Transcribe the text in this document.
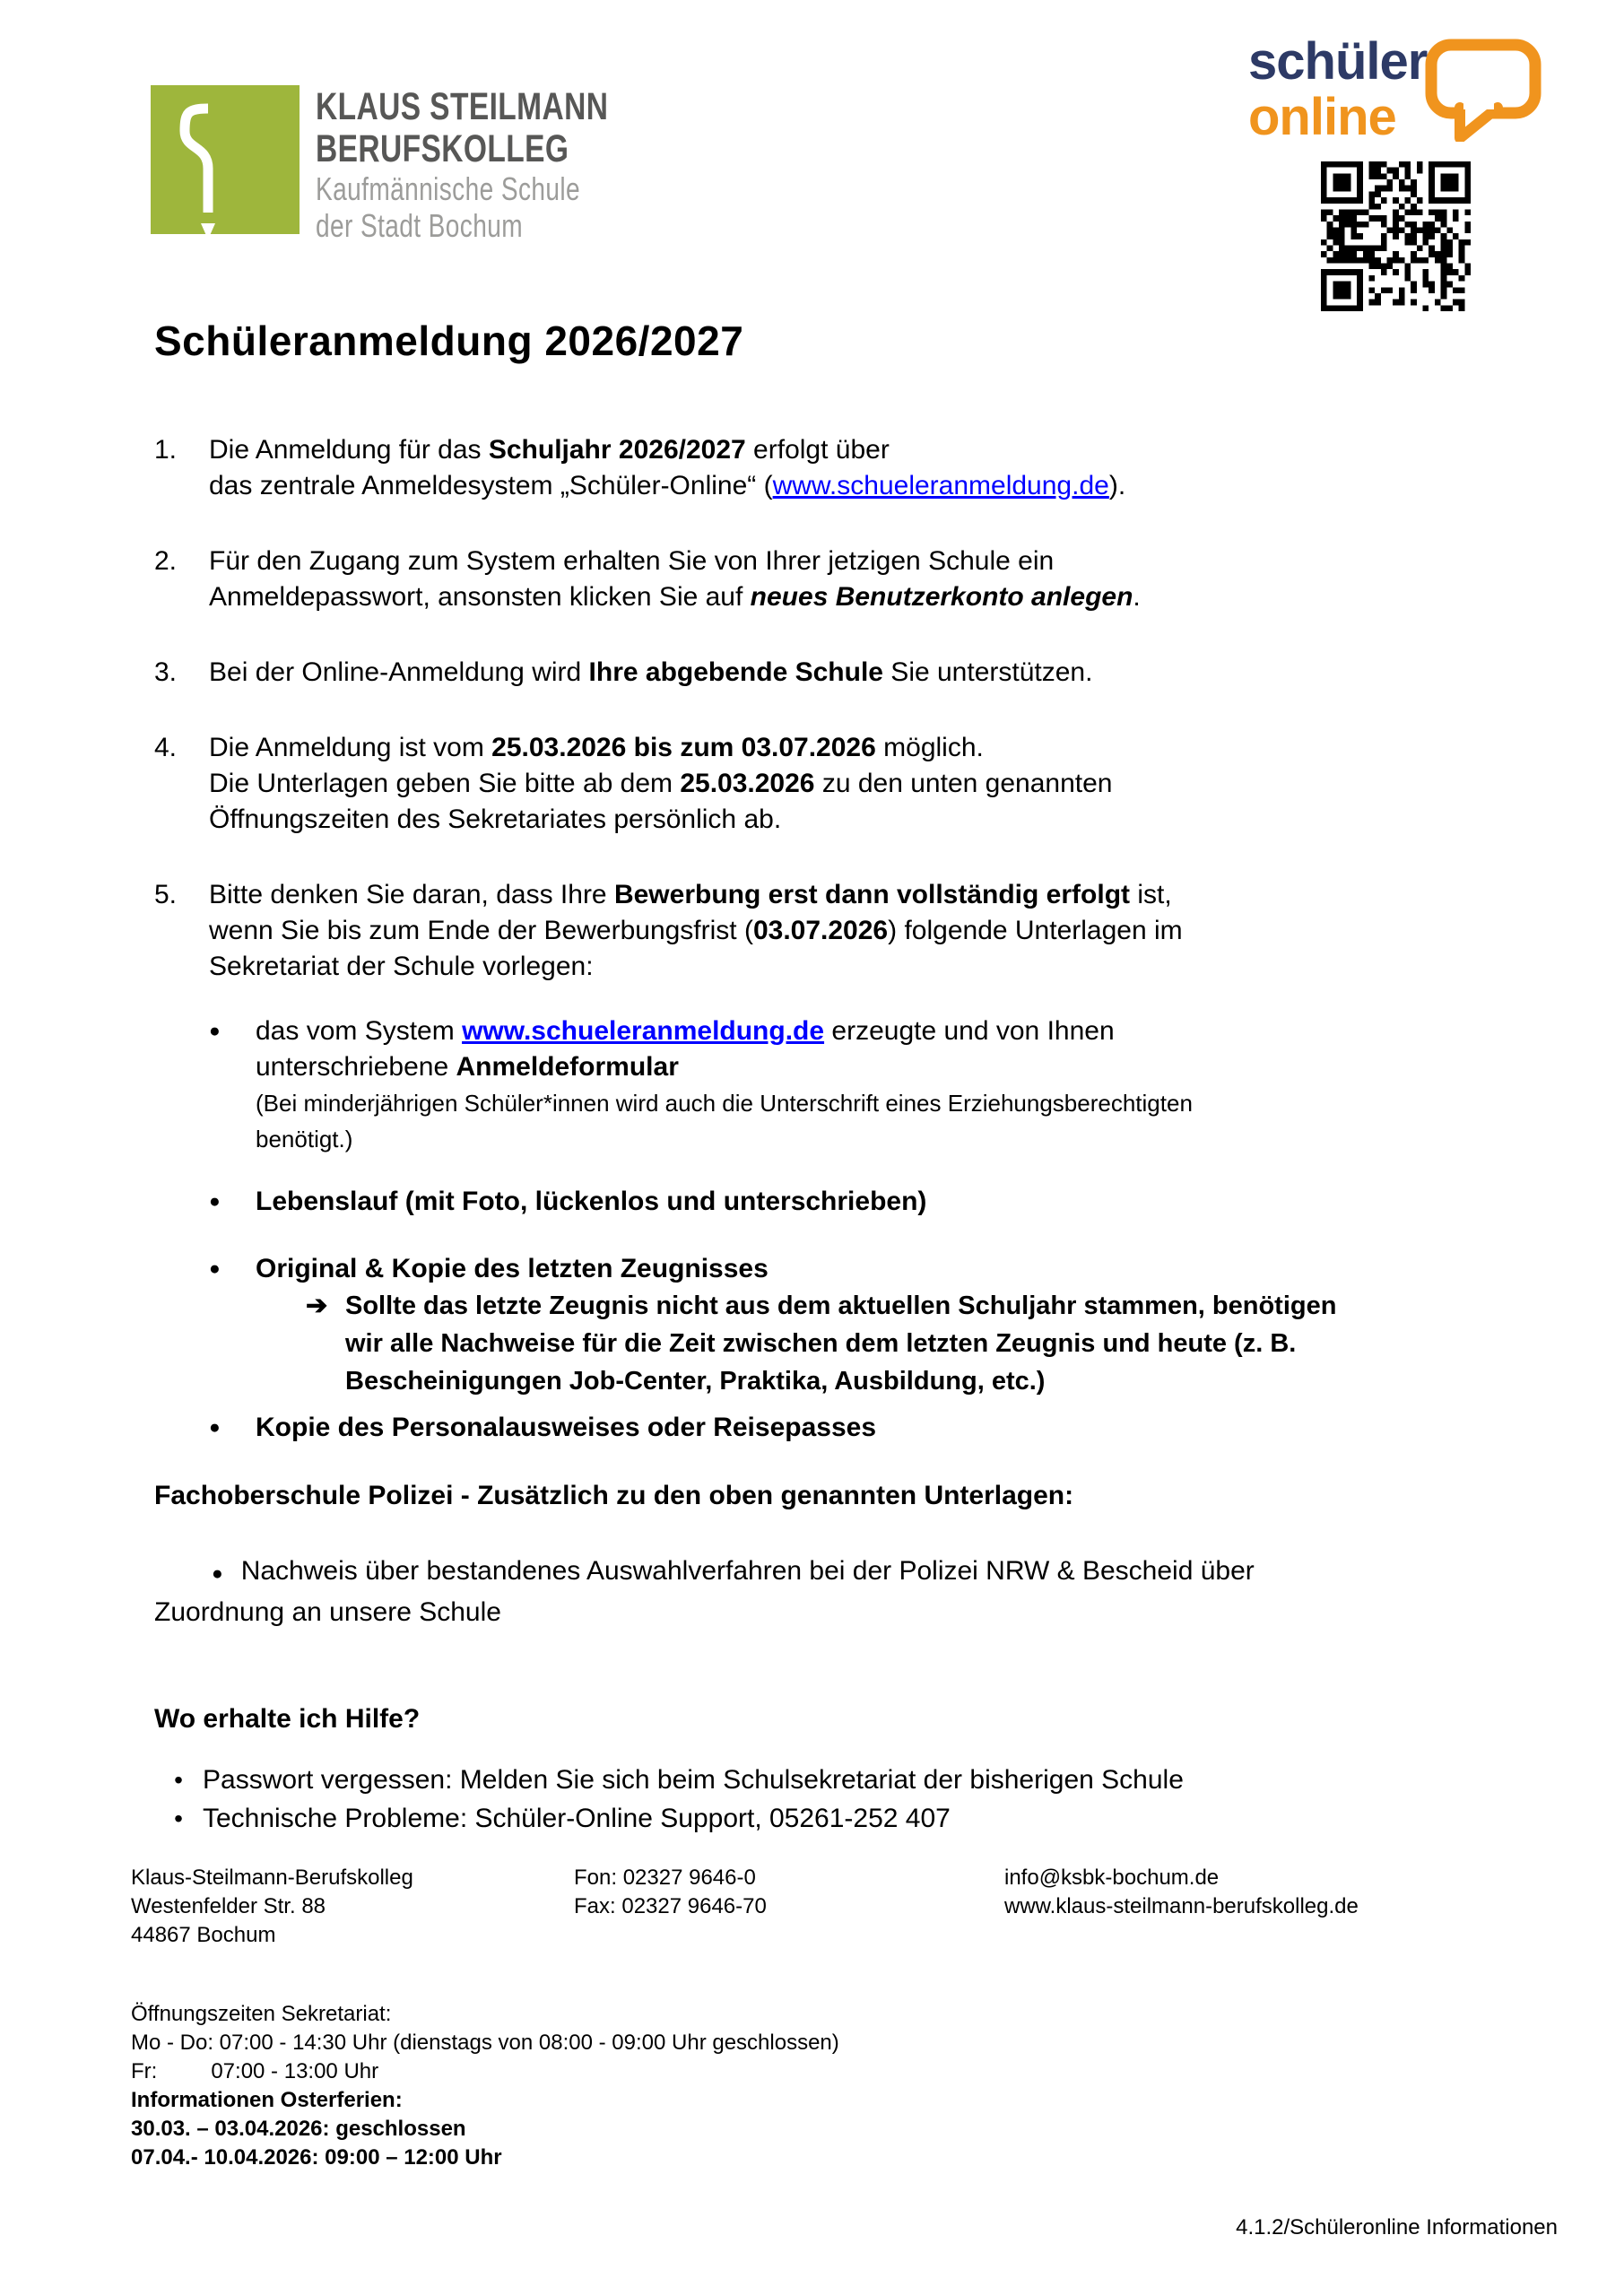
KLAUS STEILMANN
BERUFSKOLLEG
Kaufmännische Schule
der Stadt Bochum
schüler
online
Schüleranmeldung 2026/2027
1.	Die Anmeldung für das Schuljahr 2026/2027 erfolgt über
das zentrale Anmeldesystem „Schüler-Online“ (www.schueleranmeldung.de).
2.	Für den Zugang zum System erhalten Sie von Ihrer jetzigen Schule ein
Anmeldepasswort, ansonsten klicken Sie auf neues Benutzerkonto anlegen.
3.	Bei der Online-Anmeldung wird Ihre abgebende Schule Sie unterstützen.
4.	Die Anmeldung ist vom 25.03.2026 bis zum 03.07.2026 möglich.
Die Unterlagen geben Sie bitte ab dem 25.03.2026 zu den unten genannten
Öffnungszeiten des Sekretariates persönlich ab.
5.	Bitte denken Sie daran, dass Ihre Bewerbung erst dann vollständig erfolgt ist,
wenn Sie bis zum Ende der Bewerbungsfrist (03.07.2026) folgende Unterlagen im
Sekretariat der Schule vorlegen:
●	das vom System www.schueleranmeldung.de erzeugte und von Ihnen
unterschriebene Anmeldeformular
(Bei minderjährigen Schüler*innen wird auch die Unterschrift eines Erziehungsberechtigten
benötigt.)
●	Lebenslauf (mit Foto, lückenlos und unterschrieben)
●	Original & Kopie des letzten Zeugnisses
➔ Sollte das letzte Zeugnis nicht aus dem aktuellen Schuljahr stammen, benötigen
wir alle Nachweise für die Zeit zwischen dem letzten Zeugnis und heute (z. B.
Bescheinigungen Job-Center, Praktika, Ausbildung, etc.)
●	Kopie des Personalausweises oder Reisepasses
Fachoberschule Polizei - Zusätzlich zu den oben genannten Unterlagen:

● Nachweis über bestandenes Auswahlverfahren bei der Polizei NRW & Bescheid über
Zuordnung an unsere Schule

Wo erhalte ich Hilfe?
• Passwort vergessen: Melden Sie sich beim Schulsekretariat der bisherigen Schule
• Technische Probleme: Schüler-Online Support, 05261-252 407
Klaus-Steilmann-Berufskolleg
Westenfelder Str. 88
44867 Bochum
Fon: 02327 9646-0
Fax: 02327 9646-70
info@ksbk-bochum.de
www.klaus-steilmann-berufskolleg.de
Öffnungszeiten Sekretariat:
Mo - Do: 07:00 - 14:30 Uhr (dienstags von 08:00 - 09:00 Uhr geschlossen)
Fr:         07:00 - 13:00 Uhr
Informationen Osterferien:
30.03. – 03.04.2026: geschlossen
07.04.- 10.04.2026: 09:00 – 12:00 Uhr
4.1.2/Schüleronline Informationen
